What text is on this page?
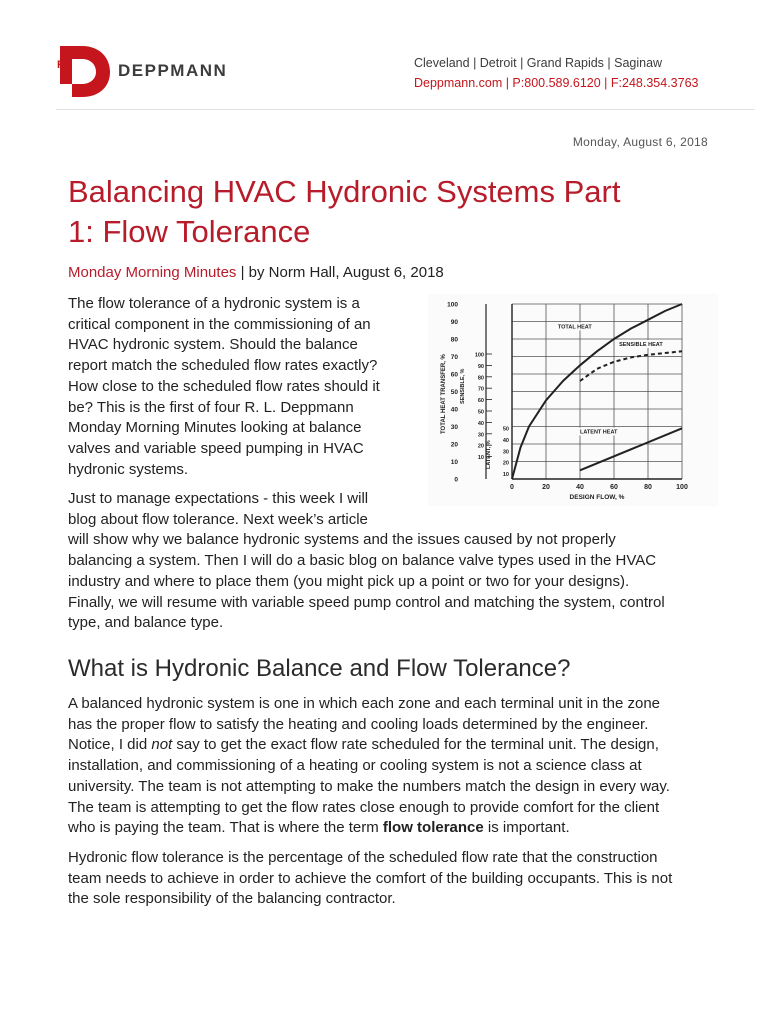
RL	DEPPMANN	Cleveland | Detroit | Grand Rapids | Saginaw
Deppmann.com | P:800.589.6120 | F:248.354.3763
Monday, August 6, 2018
Balancing HVAC Hydronic Systems Part
1: Flow Tolerance
Monday Morning Minutes | by Norm Hall, August 6, 2018

The flow tolerance of a hydronic system is a
critical component in the commissioning of an
HVAC hydronic system. Should the balance
report match the scheduled flow rates exactly?
How close to the scheduled flow rates should it
be? This is the first of four R. L. Deppmann
Monday Morning Minutes looking at balance
valves and variable speed pumping in HVAC
hydronic systems.

0
10
20
30
40
50
60
70
80
90
100
0	20	40	60	80	100
100
90
80
70
60
50
40
30
20
10
50
40
30
20
10
TOTAL HEAT TRANSFER, % SENSIBLE, %
LATENT, %
DESIGN FLOW, %
TOTAL HEAT
SENSIBLE HEAT
LATENT HEAT

Just to manage expectations - this week I will
blog about flow tolerance. Next week’s article
will show why we balance hydronic systems and the issues caused by not properly
balancing a system. Then I will do a basic blog on balance valve types used in the HVAC
industry and where to place them (you might pick up a point or two for your designs).
Finally, we will resume with variable speed pump control and matching the system, control
type, and balance type.

What is Hydronic Balance and Flow Tolerance?

A balanced hydronic system is one in which each zone and each terminal unit in the zone
has the proper flow to satisfy the heating and cooling loads determined by the engineer.
Notice, I did not say to get the exact flow rate scheduled for the terminal unit. The design,
installation, and commissioning of a heating or cooling system is not a science class at
university. The team is not attempting to make the numbers match the design in every way.
The team is attempting to get the flow rates close enough to provide comfort for the client
who is paying the team. That is where the term flow tolerance is important.

Hydronic flow tolerance is the percentage of the scheduled flow rate that the construction
team needs to achieve in order to achieve the comfort of the building occupants. This is not
the sole responsibility of the balancing contractor.
